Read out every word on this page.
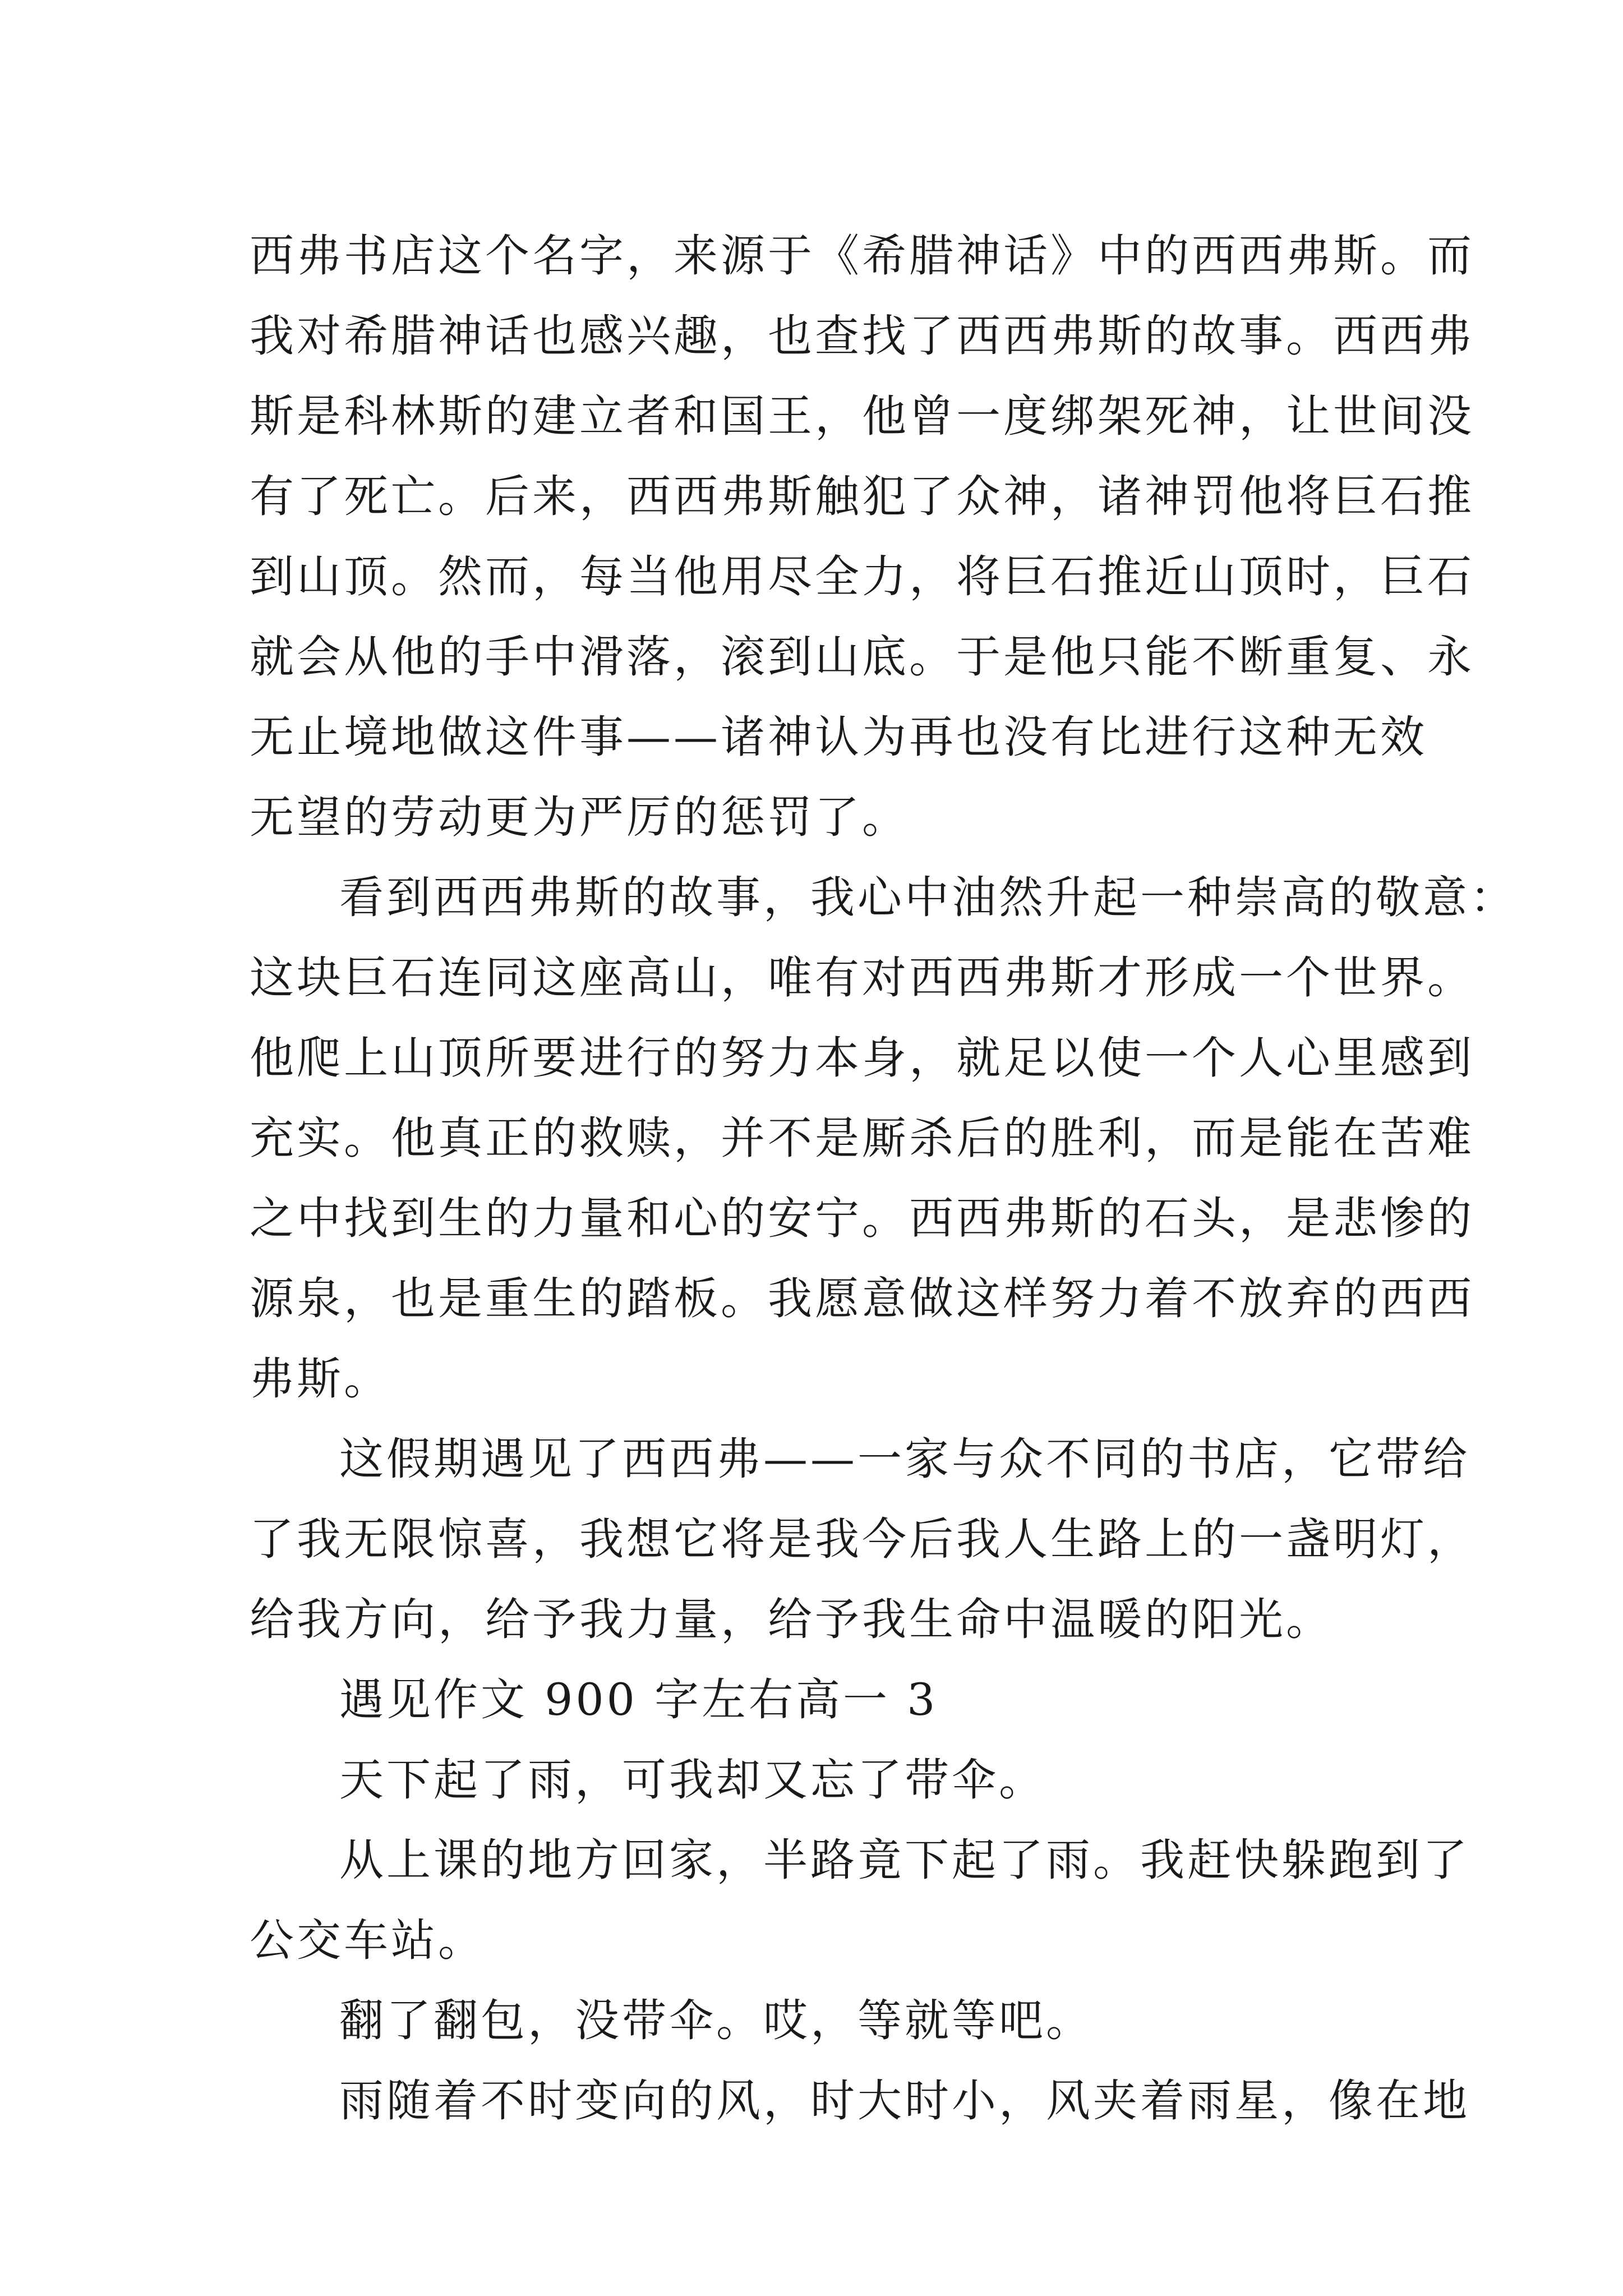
西弗书店这个名字，来源于《希腊神话》中的西西弗斯。而
我对希腊神话也感兴趣，也查找了西西弗斯的故事。西西弗
斯是科林斯的建立者和国王，他曾一度绑架死神，让世间没
有了死亡。后来，西西弗斯触犯了众神，诸神罚他将巨石推
到山顶。然而，每当他用尽全力，将巨石推近山顶时，巨石
就会从他的手中滑落，滚到山底。于是他只能不断重复、永
无止境地做这件事——诸神认为再也没有比进行这种无效
无望的劳动更为严厉的惩罚了。
看到西西弗斯的故事，我心中油然升起一种崇高的敬意：
这块巨石连同这座高山，唯有对西西弗斯才形成一个世界。
他爬上山顶所要进行的努力本身，就足以使一个人心里感到
充实。他真正的救赎，并不是厮杀后的胜利，而是能在苦难
之中找到生的力量和心的安宁。西西弗斯的石头，是悲惨的
源泉，也是重生的踏板。我愿意做这样努力着不放弃的西西
弗斯。
这假期遇见了西西弗——一家与众不同的书店，它带给
了我无限惊喜，我想它将是我今后我人生路上的一盏明灯，
给我方向，给予我力量，给予我生命中温暖的阳光。
遇见作文 900 字左右高一 3
天下起了雨，可我却又忘了带伞。
从上课的地方回家，半路竟下起了雨。我赶快躲跑到了
公交车站。
翻了翻包，没带伞。哎，等就等吧。
雨随着不时变向的风，时大时小，风夹着雨星，像在地
